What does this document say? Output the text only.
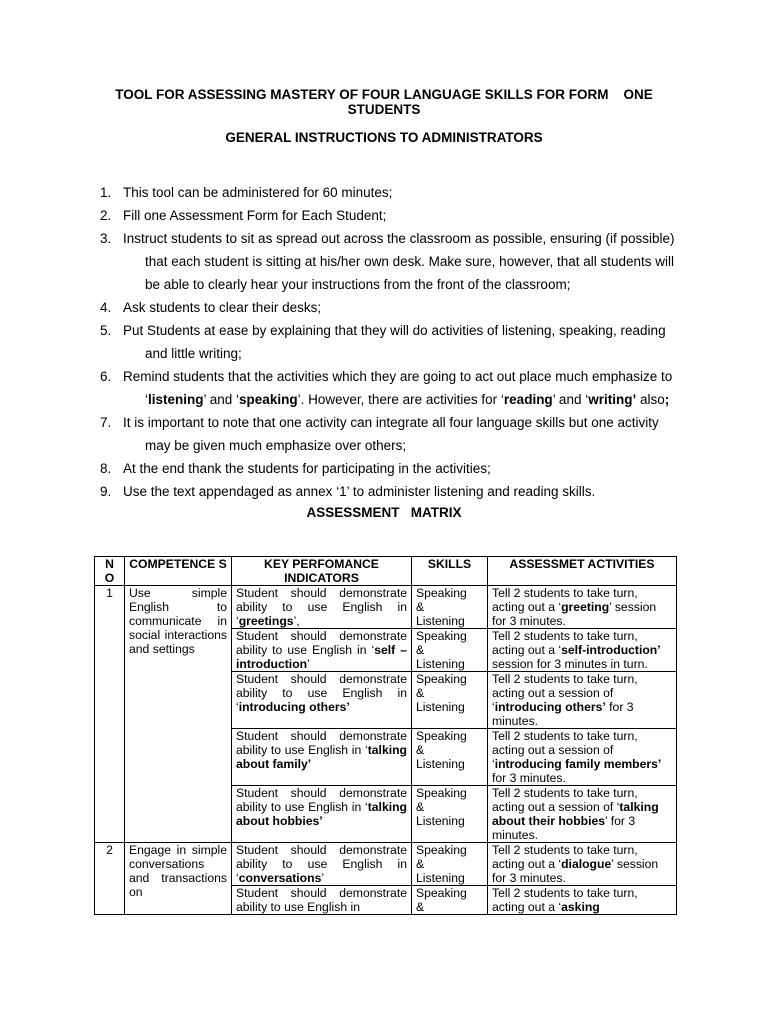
TOOL FOR ASSESSING MASTERY OF FOUR LANGUAGE SKILLS FOR FORM    ONE
STUDENTS
GENERAL INSTRUCTIONS TO ADMINISTRATORS
1. This tool can be administered for 60 minutes;
2. Fill one Assessment Form for Each Student;
3. Instruct students to sit as spread out across the classroom as possible, ensuring (if possible)
that each student is sitting at his/her own desk. Make sure, however, that all students will
be able to clearly hear your instructions from the front of the classroom;
4. Ask students to clear their desks;
5. Put Students at ease by explaining that they will do activities of listening, speaking, reading
and little writing;
6. Remind students that the activities which they are going to act out place much emphasize to
‘listening’ and ‘speaking’. However, there are activities for ‘reading’ and ‘writing’ also;
7. It is important to note that one activity can integrate all four language skills but one activity
may be given much emphasize over others;
8. At the end thank the students for participating in the activities;
9. Use the text appendaged as annex ‘1’ to administer listening and reading skills.
ASSESSMENT   MATRIX
N O	COMPETENCE S	KEY PERFOMANCE INDICATORS	SKILLS	ASSESSMET ACTIVITIES
1	Use simple English to communicate in social interactions and settings	Student should demonstrate ability to use English in ‘greetings’,	Speaking
&
Listening	Tell 2 students to take turn, acting out a ‘greeting’ session for 3 minutes.
		Student should demonstrate ability to use English in ‘self – introduction’	Speaking
&
Listening	Tell 2 students to take turn, acting out a ‘self-introduction’ session for 3 minutes in turn.
		Student should demonstrate ability to use English in ‘introducing others’	Speaking
&
Listening	Tell 2 students to take turn, acting out a session of ‘introducing others’ for 3 minutes.
		Student should demonstrate ability to use English in ‘talking about family’	Speaking
&
Listening	Tell 2 students to take turn, acting out a session of ‘introducing family members’ for 3 minutes.
		Student should demonstrate ability to use English in ‘talking about hobbies’	Speaking
&
Listening	Tell 2 students to take turn, acting out a session of ‘talking about their hobbies’ for 3 minutes.
2	Engage in simple conversations and transactions on	Student should demonstrate ability to use English in ‘conversations’	Speaking
&
Listening	Tell 2 students to take turn, acting out a ‘dialogue’ session for 3 minutes.
		Student should demonstrate ability to use English in	Speaking
&	Tell 2 students to take turn, acting out a ‘asking
